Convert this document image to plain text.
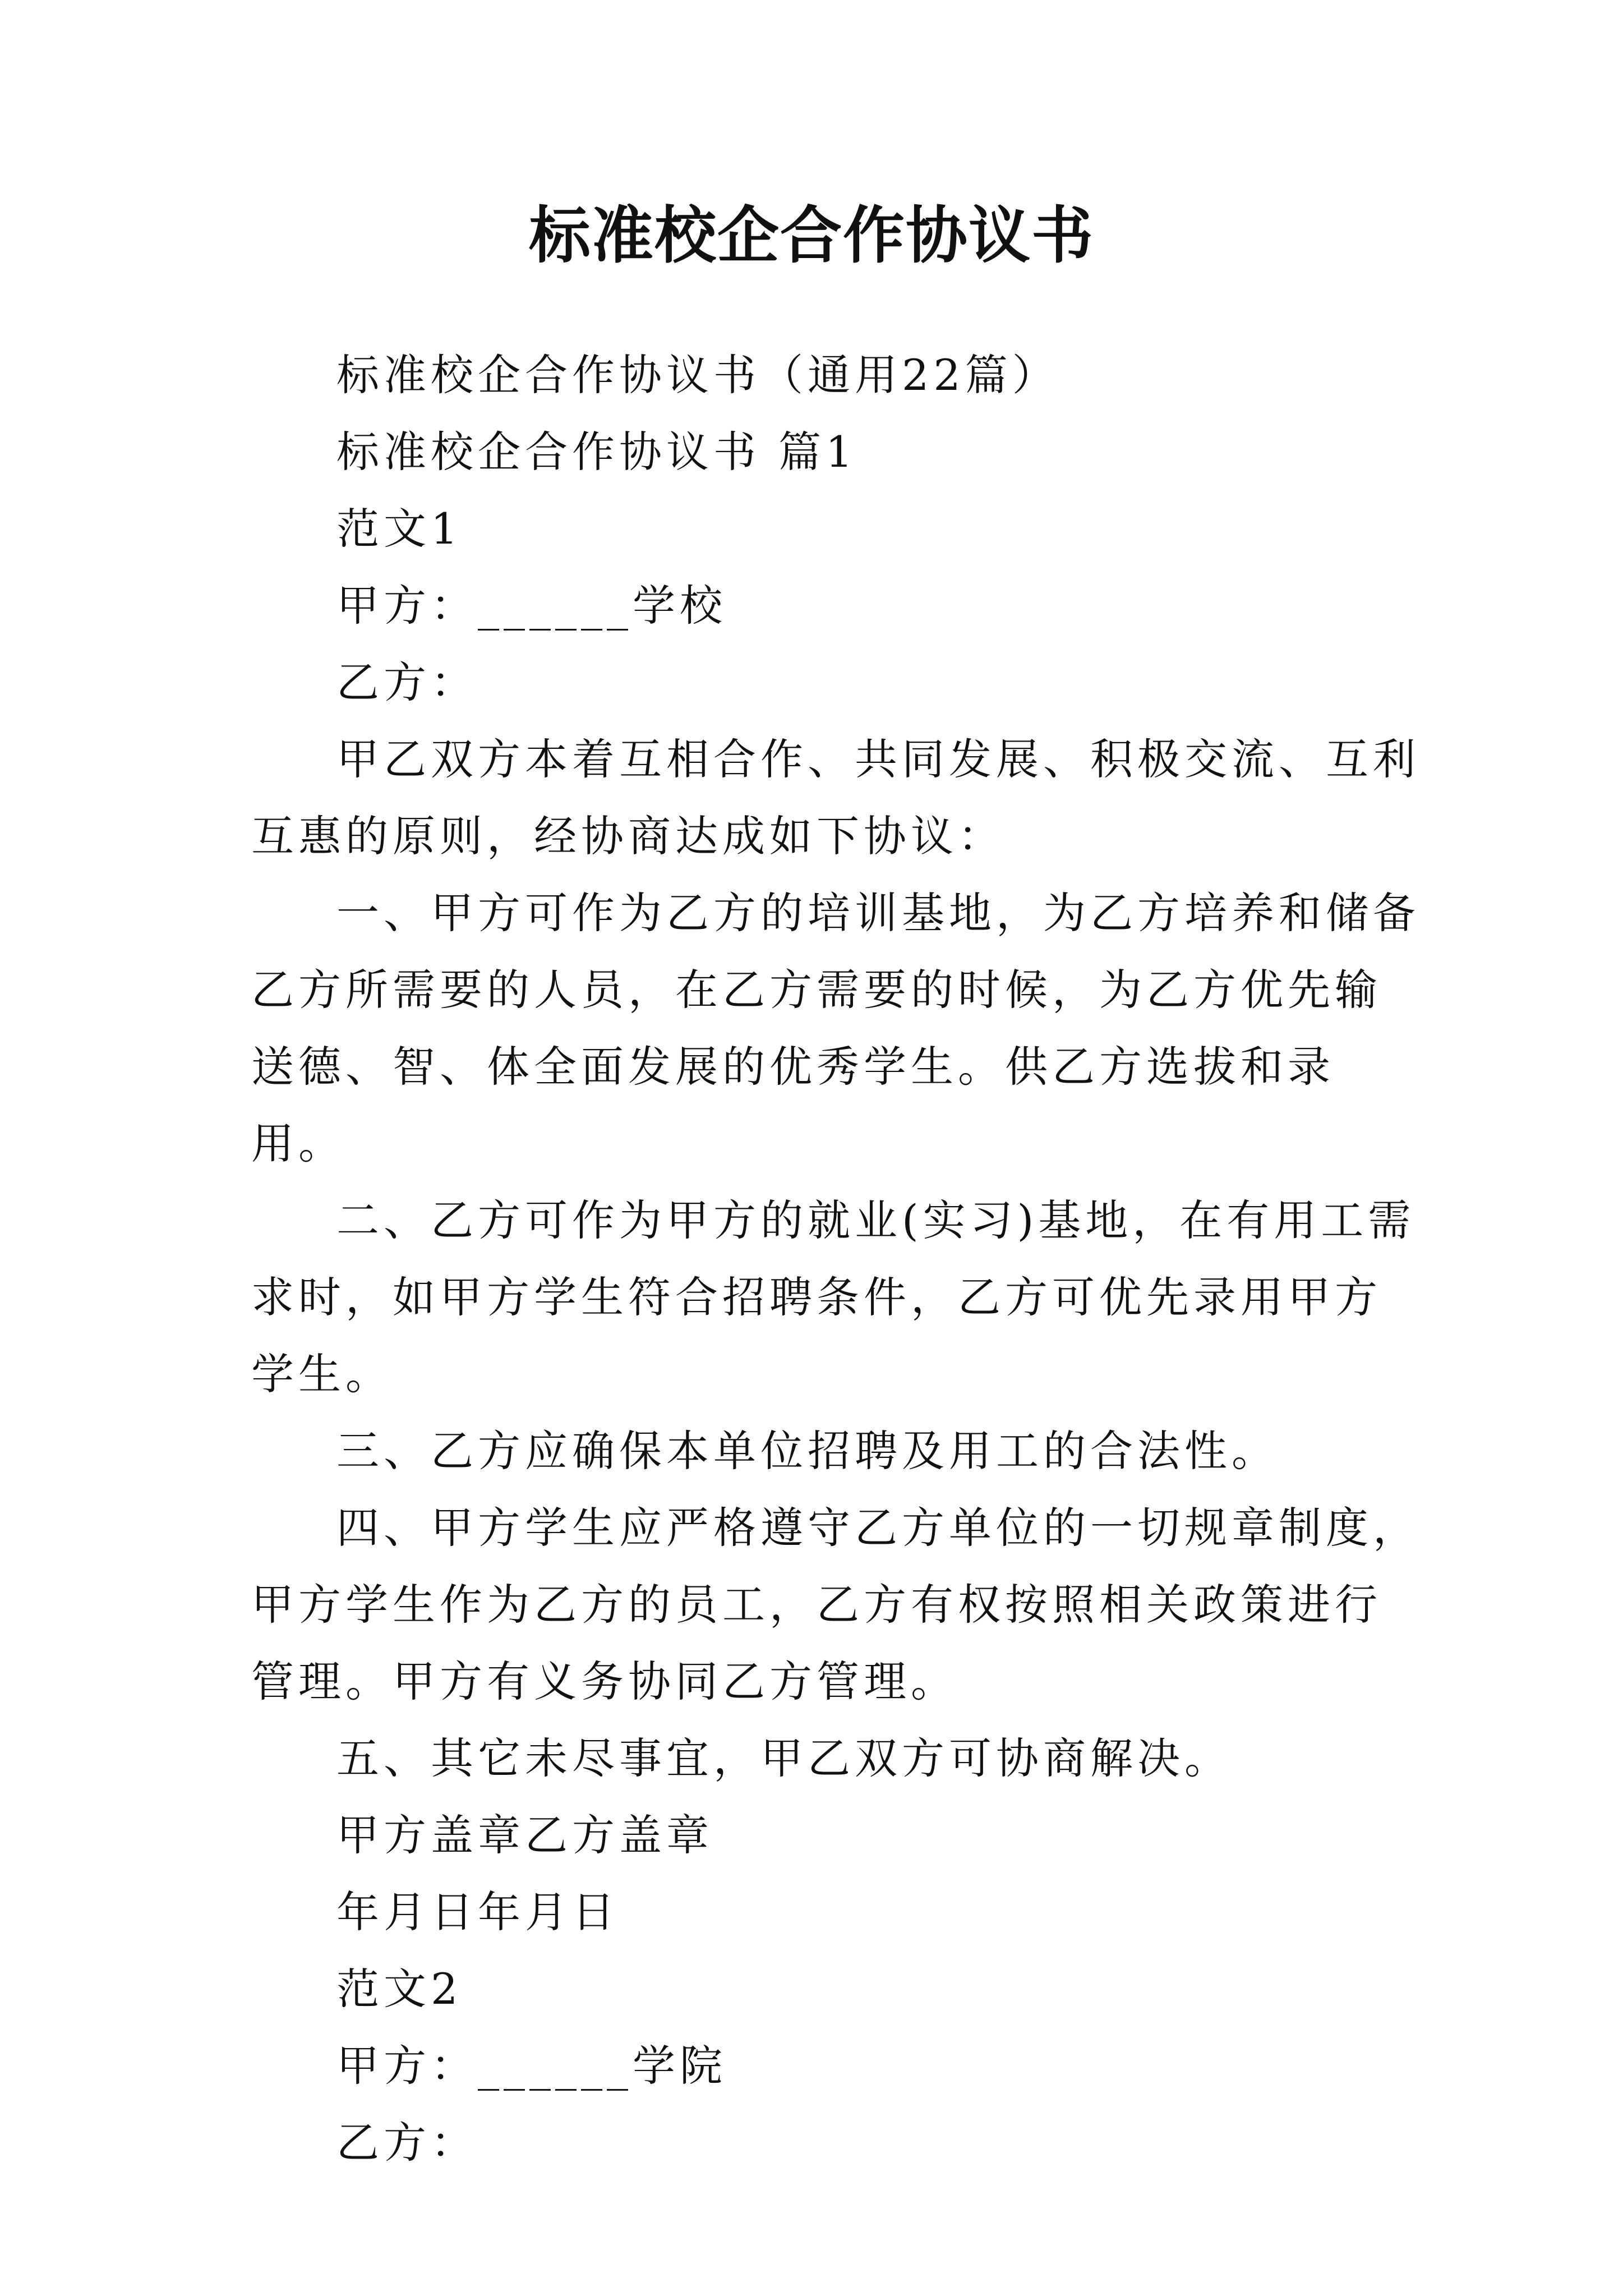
标准校企合作协议书

标准校企合作协议书（通用22篇）

标准校企合作协议书 篇1

范文1

甲方：______学校

乙方：

甲乙双方本着互相合作、共同发展、积极交流、互利互惠的原则，经协商达成如下协议：

一、甲方可作为乙方的培训基地，为乙方培养和储备乙方所需要的人员，在乙方需要的时候，为乙方优先输送德、智、体全面发展的优秀学生。供乙方选拔和录用。

二、乙方可作为甲方的就业(实习)基地，在有用工需求时，如甲方学生符合招聘条件，乙方可优先录用甲方学生。

三、乙方应确保本单位招聘及用工的合法性。

四、甲方学生应严格遵守乙方单位的一切规章制度，甲方学生作为乙方的员工，乙方有权按照相关政策进行管理。甲方有义务协同乙方管理。

五、其它未尽事宜，甲乙双方可协商解决。

甲方盖章乙方盖章

年月日年月日

范文2

甲方：______学院

乙方：
